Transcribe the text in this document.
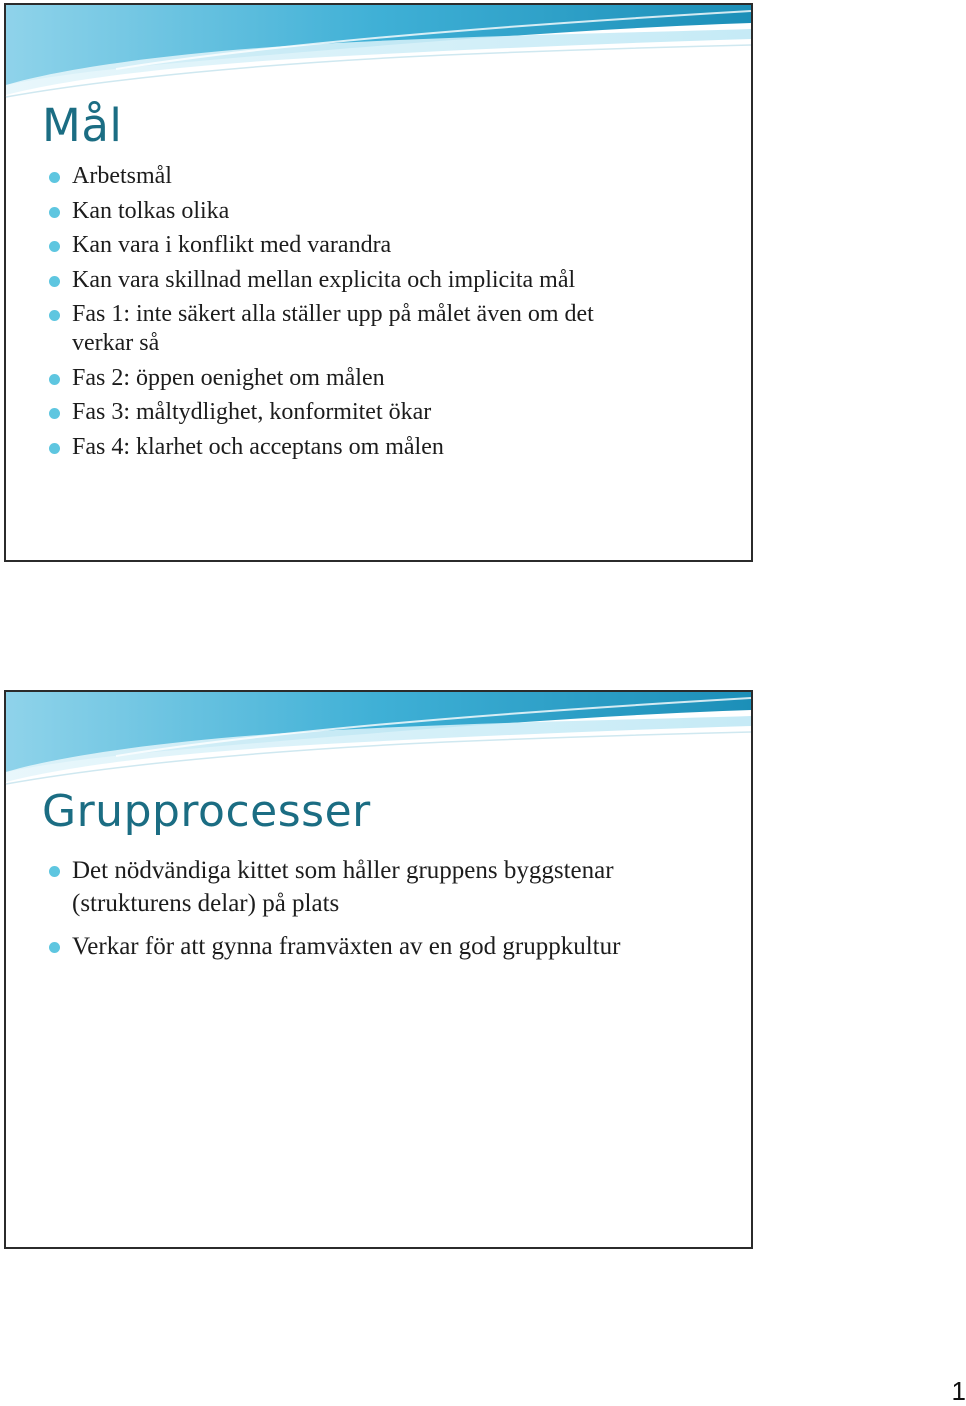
Mål
Arbetsmål
Kan tolkas olika
Kan vara i konflikt med varandra
Kan vara skillnad mellan explicita och implicita mål
Fas 1: inte säkert alla ställer upp på målet även om det verkar så
Fas 2: öppen oenighet om målen
Fas 3: måltydlighet, konformitet ökar
Fas 4: klarhet och acceptans om målen
Grupprocesser
Det nödvändiga kittet som håller gruppens byggstenar (strukturens delar) på plats
Verkar för att gynna framväxten av en god gruppkultur
1
